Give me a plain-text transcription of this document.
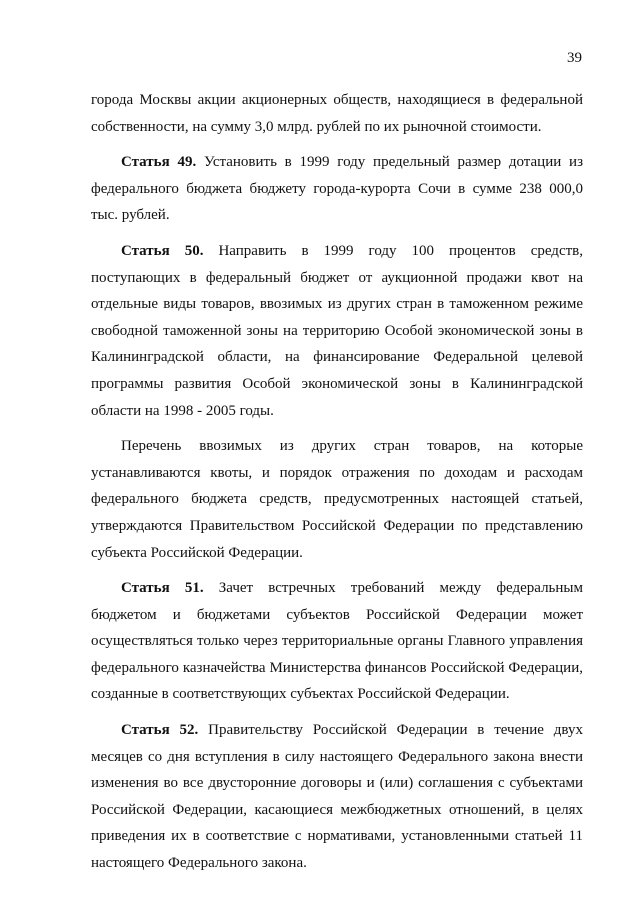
39

города Москвы акции акционерных обществ, находящиеся в федеральной собственности, на сумму 3,0 млрд. рублей по их рыночной стоимости.

Статья 49. Установить в 1999 году предельный размер дотации из федерального бюджета бюджету города-курорта Сочи в сумме 238 000,0 тыс. рублей.

Статья 50. Направить в 1999 году 100 процентов средств, поступающих в федеральный бюджет от аукционной продажи квот на отдельные виды товаров, ввозимых из других стран в таможенном режиме свободной таможенной зоны на территорию Особой экономической зоны в Калининградской области, на финансирование Федеральной целевой программы развития Особой экономической зоны в Калининградской области на 1998 - 2005 годы.

Перечень ввозимых из других стран товаров, на которые устанавливаются квоты, и порядок отражения по доходам и расходам федерального бюджета средств, предусмотренных настоящей статьей, утверждаются Правительством Российской Федерации по представлению субъекта Российской Федерации.

Статья 51. Зачет встречных требований между федеральным бюджетом и бюджетами субъектов Российской Федерации может осуществляться только через территориальные органы Главного управления федерального казначейства Министерства финансов Российской Федерации, созданные в соответствующих субъектах Российской Федерации.

Статья 52. Правительству Российской Федерации в течение двух месяцев со дня вступления в силу настоящего Федерального закона внести изменения во все двусторонние договоры и (или) соглашения с субъектами Российской Федерации, касающиеся межбюджетных отношений, в целях приведения их в соответствие с нормативами, установленными статьей 11 настоящего Федерального закона.
